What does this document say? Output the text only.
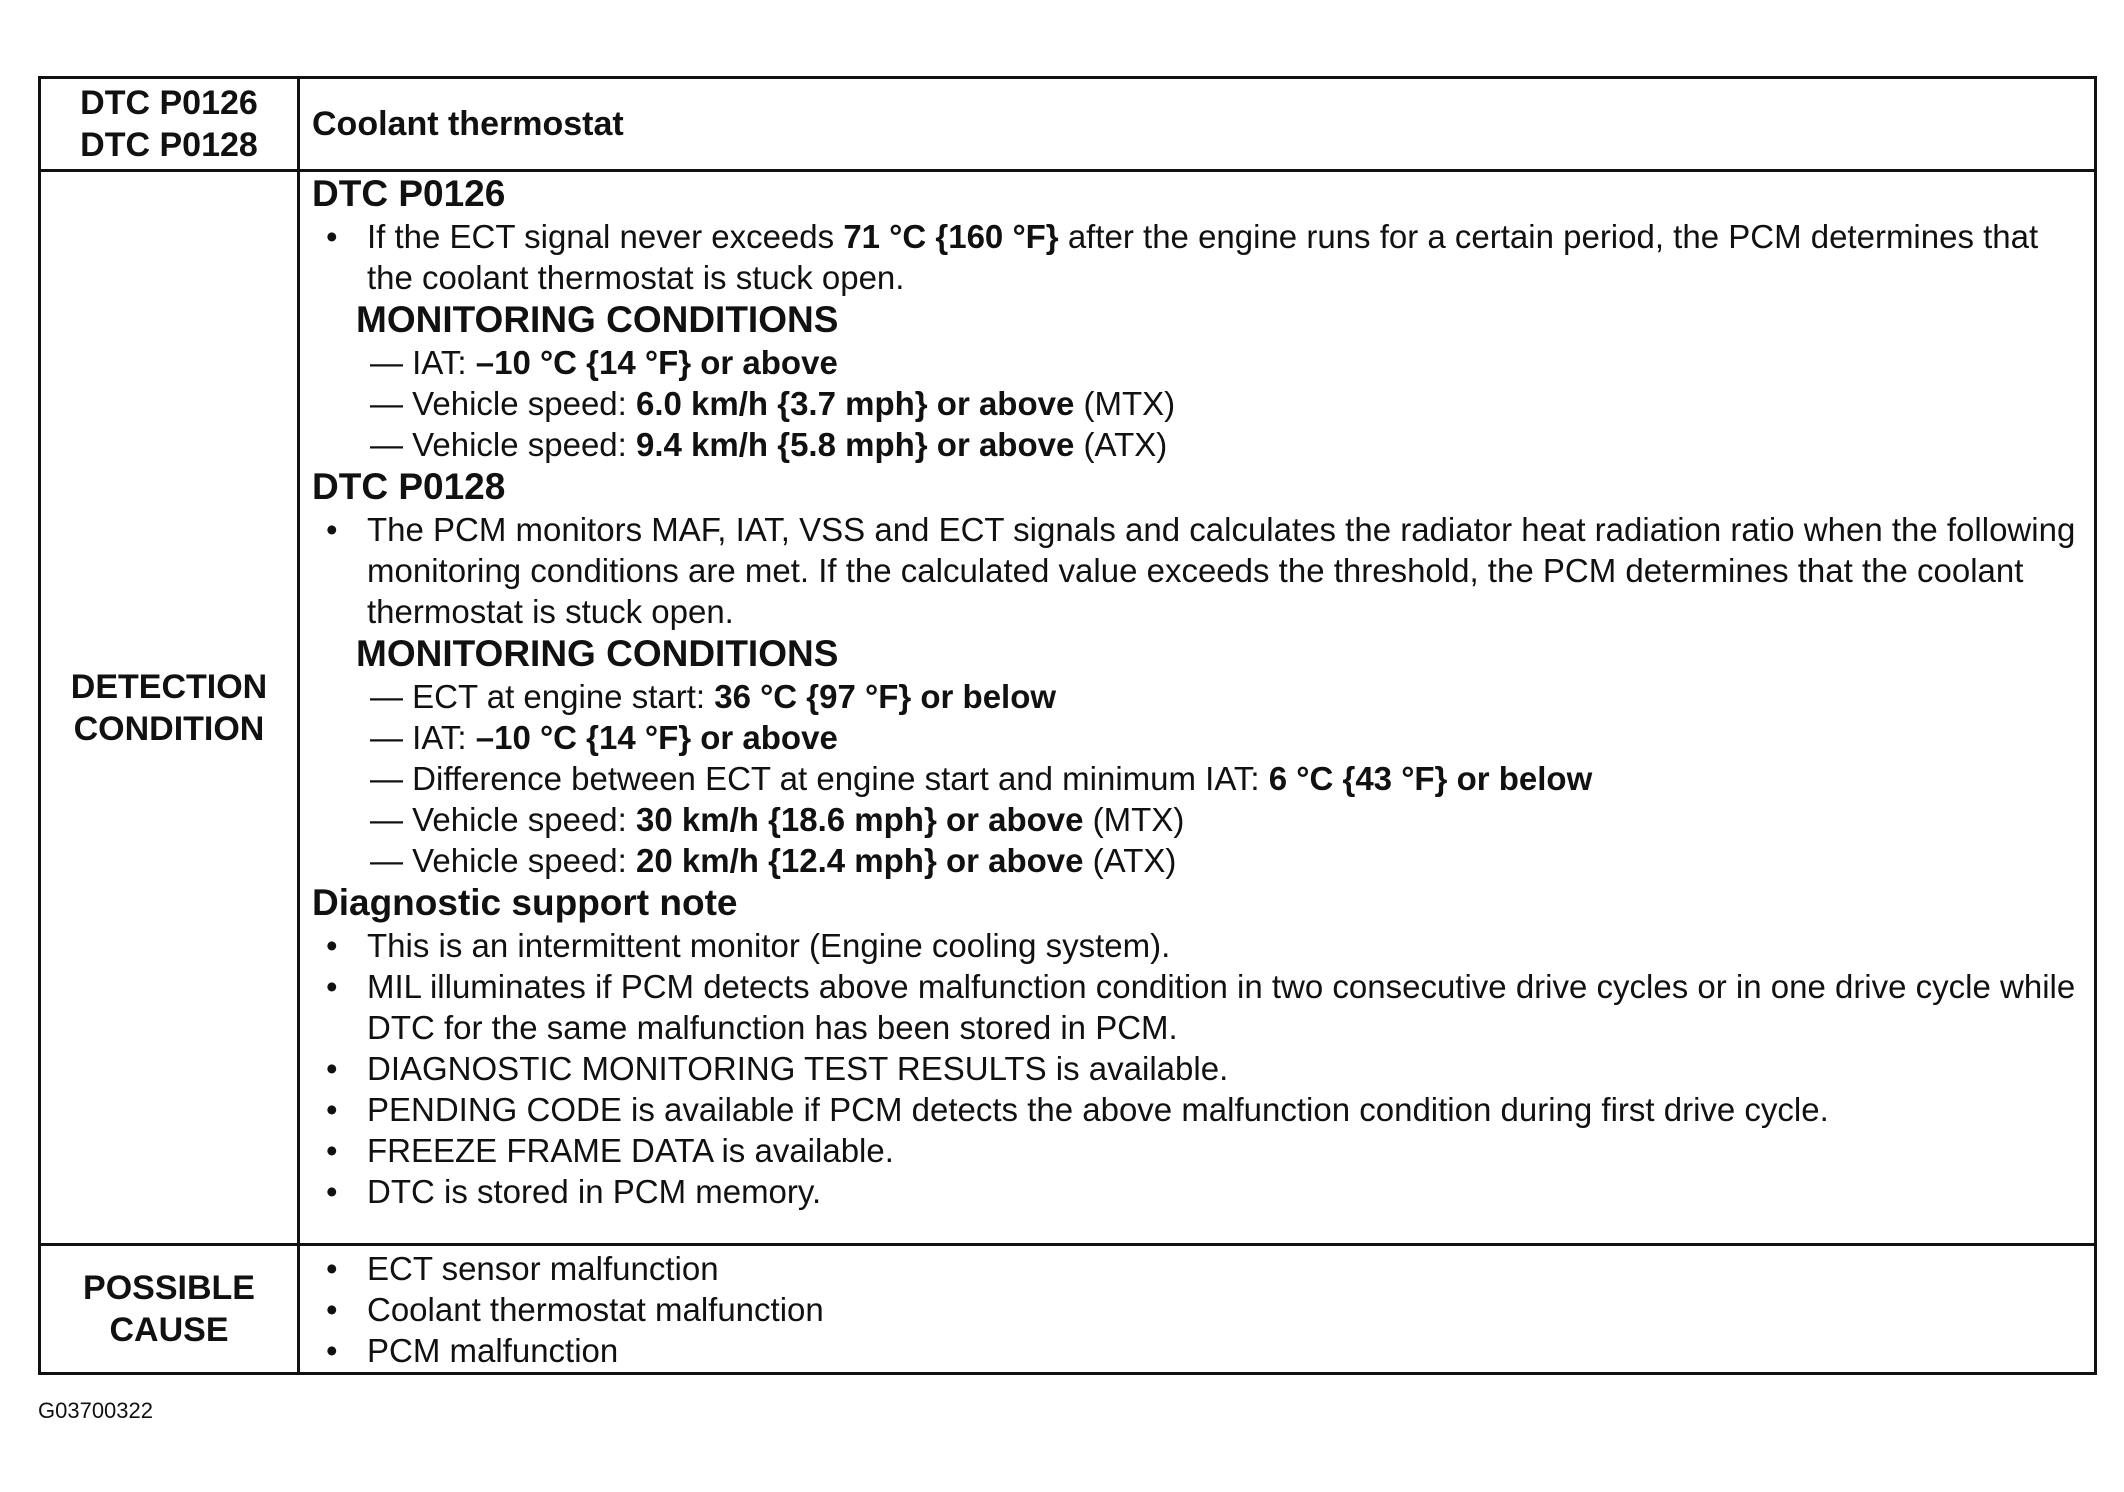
DTC P0126
DTC P0128
Coolant thermostat
DETECTION
CONDITION
DTC P0126
• If the ECT signal never exceeds 71 °C {160 °F} after the engine runs for a certain period, the PCM determines that the coolant thermostat is stuck open.
MONITORING CONDITIONS
— IAT: –10 °C {14 °F} or above
— Vehicle speed: 6.0 km/h {3.7 mph} or above (MTX)
— Vehicle speed: 9.4 km/h {5.8 mph} or above (ATX)
DTC P0128
• The PCM monitors MAF, IAT, VSS and ECT signals and calculates the radiator heat radiation ratio when the following monitoring conditions are met. If the calculated value exceeds the threshold, the PCM determines that the coolant thermostat is stuck open.
MONITORING CONDITIONS
— ECT at engine start: 36 °C {97 °F} or below
— IAT: –10 °C {14 °F} or above
— Difference between ECT at engine start and minimum IAT: 6 °C {43 °F} or below
— Vehicle speed: 30 km/h {18.6 mph} or above (MTX)
— Vehicle speed: 20 km/h {12.4 mph} or above (ATX)
Diagnostic support note
• This is an intermittent monitor (Engine cooling system).
• MIL illuminates if PCM detects above malfunction condition in two consecutive drive cycles or in one drive cycle while DTC for the same malfunction has been stored in PCM.
• DIAGNOSTIC MONITORING TEST RESULTS is available.
• PENDING CODE is available if PCM detects the above malfunction condition during first drive cycle.
• FREEZE FRAME DATA is available.
• DTC is stored in PCM memory.
POSSIBLE
CAUSE
• ECT sensor malfunction
• Coolant thermostat malfunction
• PCM malfunction
G03700322
